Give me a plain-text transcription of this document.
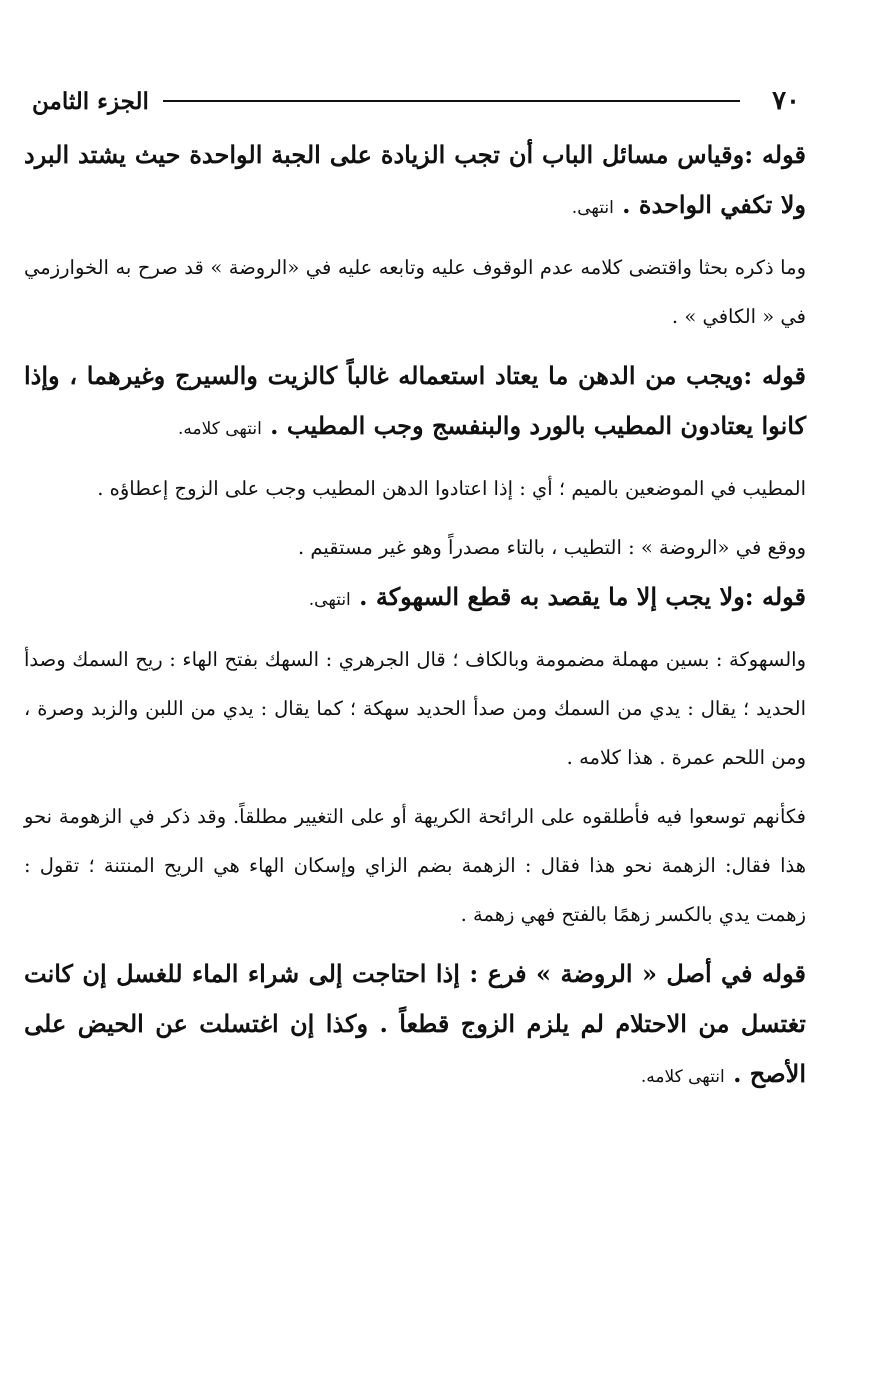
٧٠
الجزء الثامن

قوله :وقياس مسائل الباب أن تجب الزيادة على الجبة الواحدة حيث يشتد البرد ولا تكفي الواحدة . انتهى.

وما ذكره بحثا واقتضى كلامه عدم الوقوف عليه وتابعه عليه في «الروضة » قد صرح به الخوارزمي في « الكافي » .

قوله :ويجب من الدهن ما يعتاد استعماله غالباً كالزيت والسيرج وغيرهما ، وإذا كانوا يعتادون المطيب بالورد والبنفسج وجب المطيب . انتهى كلامه.

المطيب في الموضعين بالميم ؛ أي : إذا اعتادوا الدهن المطيب وجب على الزوج إعطاؤه .

ووقع في «الروضة » : التطيب ، بالتاء مصدراً وهو غير مستقيم .

قوله :ولا يجب إلا ما يقصد به قطع السهوكة . انتهى.

والسهوكة : بسين مهملة مضمومة وبالكاف ؛ قال الجرهري : السهك بفتح الهاء : ريح السمك وصدأ الحديد ؛ يقال : يدي من السمك ومن صدأ الحديد سهكة ؛ كما يقال : يدي من اللبن والزبد وصرة ، ومن اللحم عمرة . هذا كلامه .

فكأنهم توسعوا فيه فأطلقوه على الرائحة الكريهة أو على التغيير مطلقاً. وقد ذكر في الزهومة نحو هذا فقال: الزهمة نحو هذا فقال : الزهمة بضم الزاي وإسكان الهاء هي الريح المنتنة ؛ تقول : زهمت يدي بالكسر زهمًا بالفتح فهي زهمة .

قوله في أصل « الروضة » فرع : إذا احتاجت إلى شراء الماء للغسل إن كانت تغتسل من الاحتلام لم يلزم الزوج قطعاً . وكذا إن اغتسلت عن الحيض على الأصح . انتهى كلامه.
